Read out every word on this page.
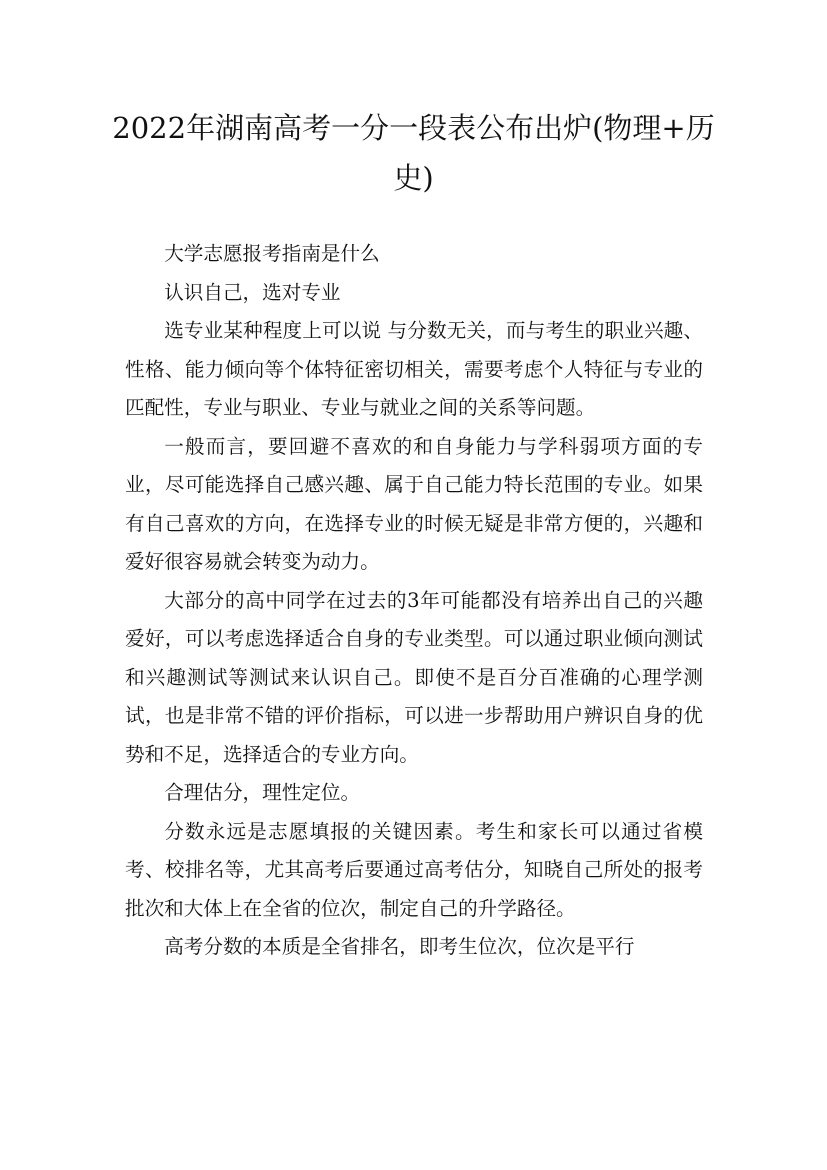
2022年湖南高考一分一段表公布出炉(物理+历史)

大学志愿报考指南是什么

认识自己，选对专业

选专业某种程度上可以说 与分数无关，而与考生的职业兴趣、性格、能力倾向等个体特征密切相关，需要考虑个人特征与专业的匹配性，专业与职业、专业与就业之间的关系等问题。

一般而言，要回避不喜欢的和自身能力与学科弱项方面的专业，尽可能选择自己感兴趣、属于自己能力特长范围的专业。如果有自己喜欢的方向，在选择专业的时候无疑是非常方便的，兴趣和爱好很容易就会转变为动力。

大部分的高中同学在过去的3年可能都没有培养出自己的兴趣爱好，可以考虑选择适合自身的专业类型。可以通过职业倾向测试和兴趣测试等测试来认识自己。即使不是百分百准确的心理学测试，也是非常不错的评价指标，可以进一步帮助用户辨识自身的优势和不足，选择适合的专业方向。

合理估分，理性定位。

分数永远是志愿填报的关键因素。考生和家长可以通过省模考、校排名等，尤其高考后要通过高考估分，知晓自己所处的报考批次和大体上在全省的位次，制定自己的升学路径。

高考分数的本质是全省排名，即考生位次，位次是平行
